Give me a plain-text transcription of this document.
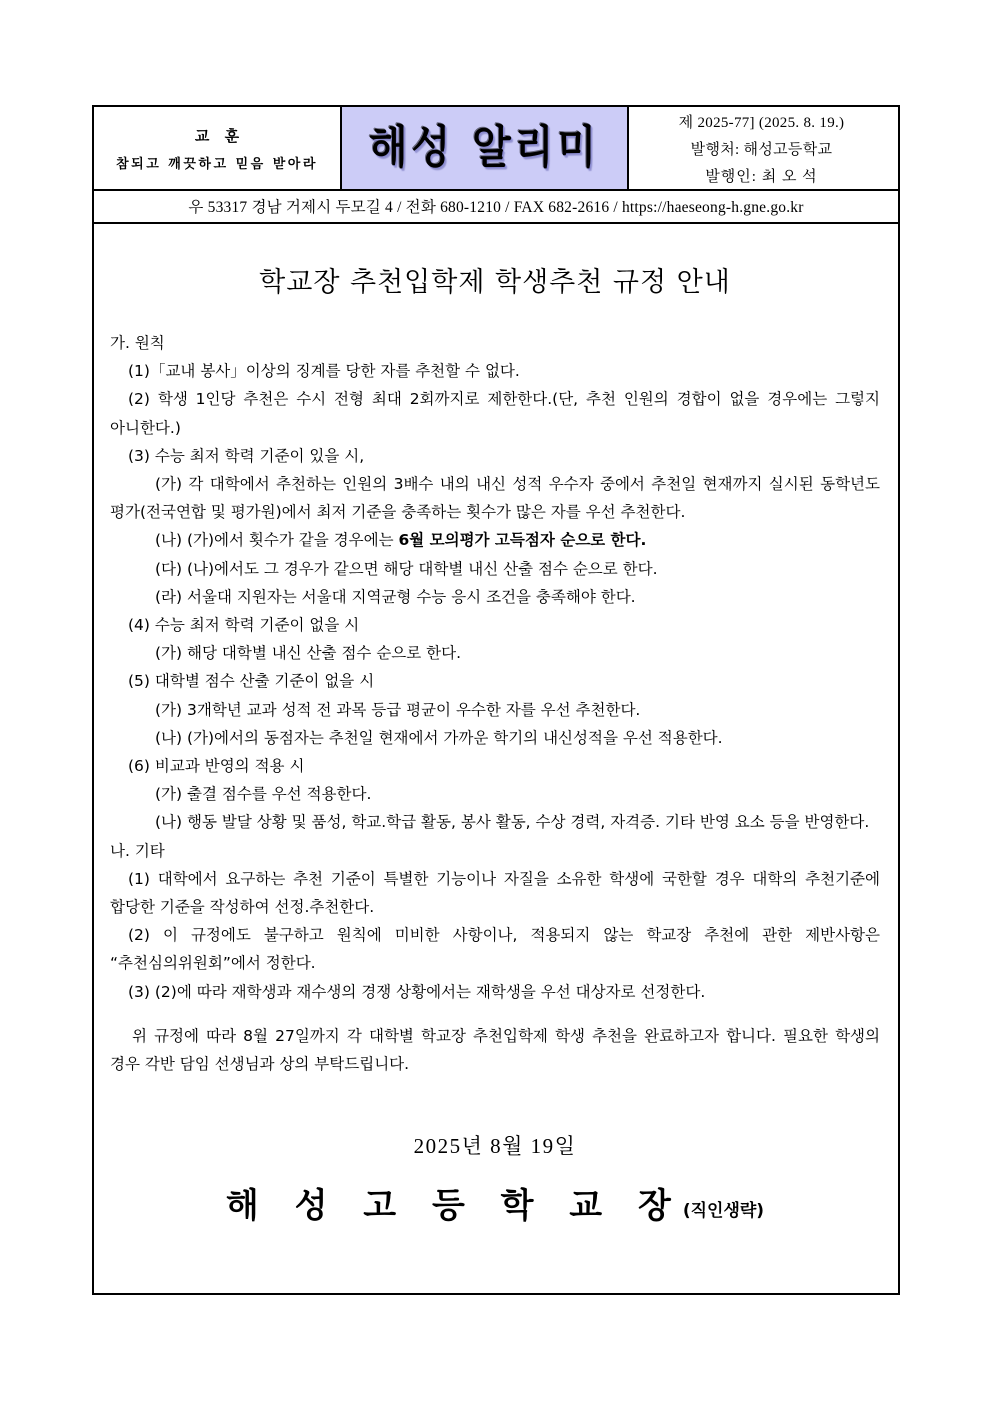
교 훈
참되고 깨끗하고 믿음 받아라 해성 알리미	제 2025-77] (2025. 8. 19.)
발행처: 해성고등학교
발행인: 최 오 석
우 53317 경남 거제시 두모길 4 / 전화 680-1210 / FAX 682-2616 / https://haeseong-h.gne.go.kr
학교장 추천입학제 학생추천 규정 안내

가. 원칙

(1)「교내 봉사」이상의 징계를 당한 자를 추천할 수 없다.

(2) 학생 1인당 추천은 수시 전형 최대 2회까지로 제한한다.(단, 추천 인원의 경합이 없을 경우에는 그렇지 아니한다.)

(3) 수능 최저 학력 기준이 있을 시,

(가) 각 대학에서 추천하는 인원의 3배수 내의 내신 성적 우수자 중에서 추천일 현재까지 실시된 동학년도 평가(전국연합 및 평가원)에서 최저 기준을 충족하는 횟수가 많은 자를 우선 추천한다.

(나) (가)에서 횟수가 같을 경우에는 6월 모의평가 고득점자 순으로 한다.

(다) (나)에서도 그 경우가 같으면 해당 대학별 내신 산출 점수 순으로 한다.

(라) 서울대 지원자는 서울대 지역균형 수능 응시 조건을 충족해야 한다.

(4) 수능 최저 학력 기준이 없을 시

(가) 해당 대학별 내신 산출 점수 순으로 한다.

(5) 대학별 점수 산출 기준이 없을 시

(가) 3개학년 교과 성적 전 과목 등급 평균이 우수한 자를 우선 추천한다.

(나) (가)에서의 동점자는 추천일 현재에서 가까운 학기의 내신성적을 우선 적용한다.

(6) 비교과 반영의 적용 시

(가) 출결 점수를 우선 적용한다.

(나) 행동 발달 상황 및 품성, 학교.학급 활동, 봉사 활동, 수상 경력, 자격증. 기타 반영 요소 등을 반영한다.

나. 기타

(1) 대학에서 요구하는 추천 기준이 특별한 기능이나 자질을 소유한 학생에 국한할 경우 대학의 추천기준에 합당한 기준을 작성하여 선정.추천한다.

(2) 이 규정에도 불구하고 원칙에 미비한 사항이나, 적용되지 않는 학교장 추천에 관한 제반사항은 “추천심의위원회”에서 정한다.

(3) (2)에 따라 재학생과 재수생의 경쟁 상황에서는 재학생을 우선 대상자로 선정한다.

위 규정에 따라 8월 27일까지 각 대학별 학교장 추천입학제 학생 추천을 완료하고자 합니다. 필요한 학생의 경우 각반 담임 선생님과 상의 부탁드립니다.

2025년 8월 19일
해 성 고 등 학 교 장(직인생략)
